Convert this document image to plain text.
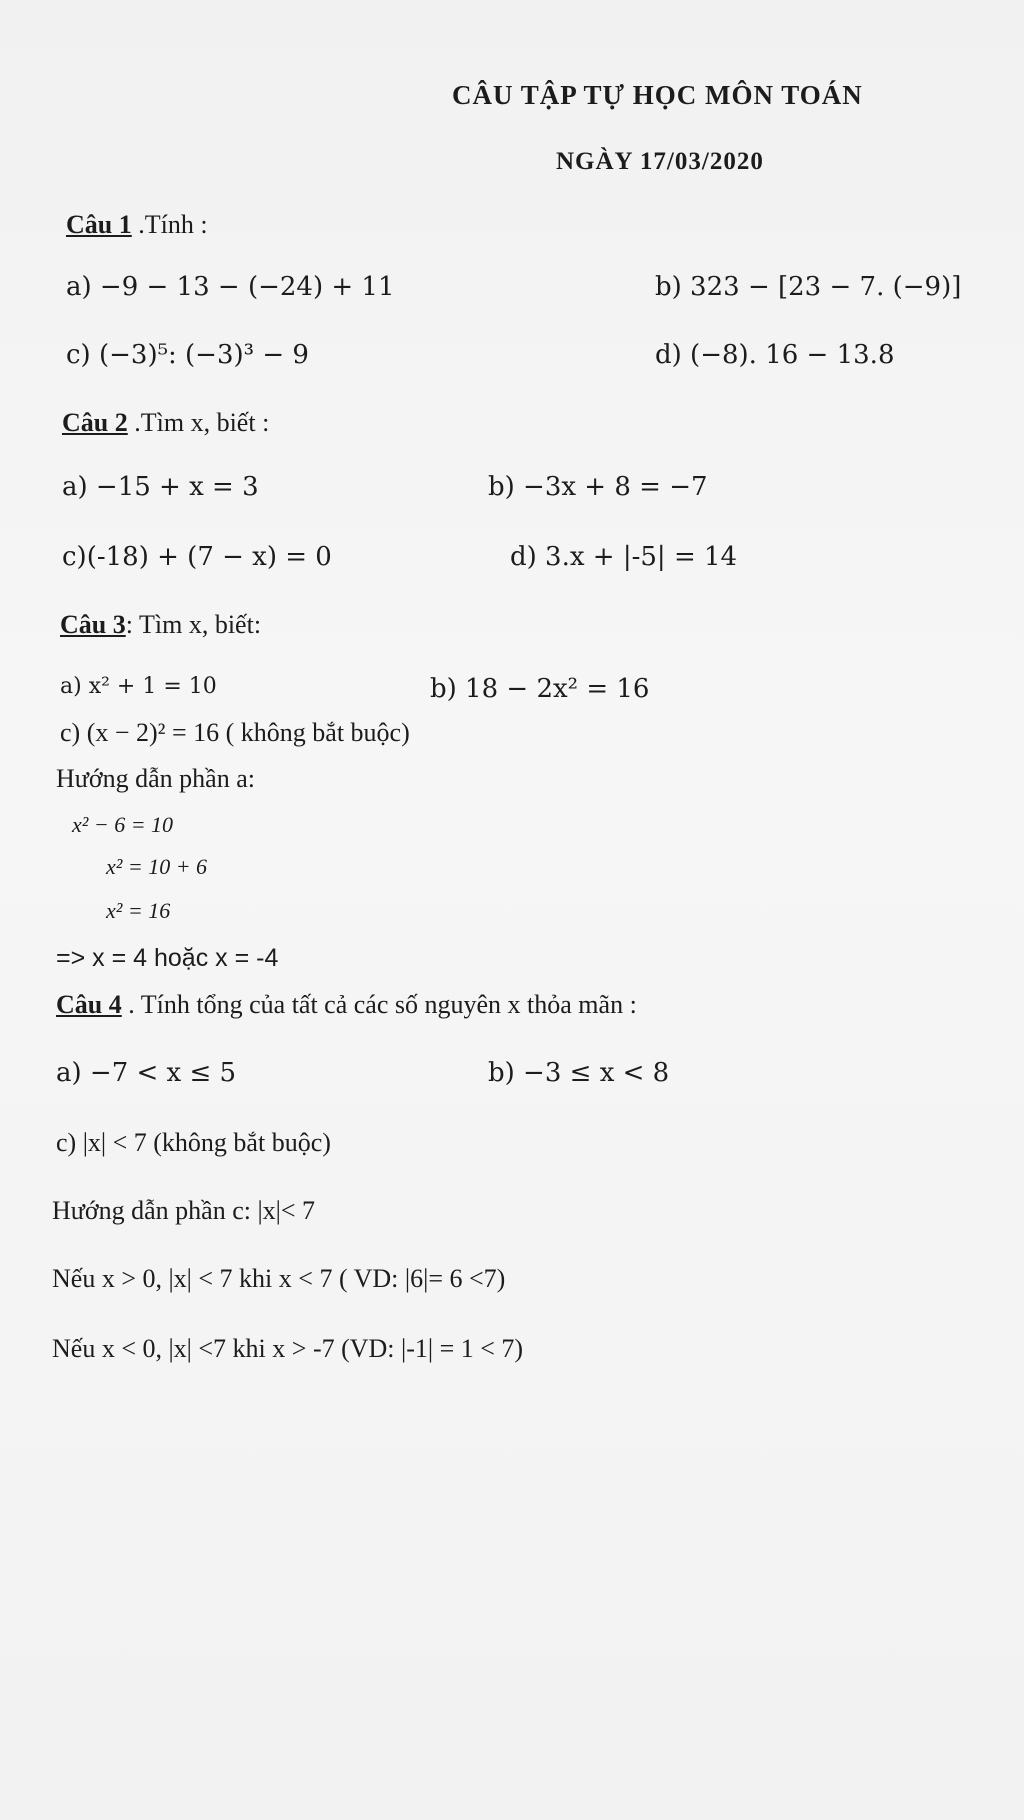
CÂU TẬP TỰ HỌC MÔN TOÁN
NGÀY 17/03/2020
Câu 1 .Tính :
a) −9 − 13 − (−24) + 11	b) 323 − [23 − 7. (−9)]
c) (−3)⁵: (−3)³ − 9	d) (−8). 16 − 13.8
Câu 2 .Tìm x, biết :
a) −15 + x = 3	b) −3x + 8 = −7
c)(-18) + (7 − x) = 0	d) 3.x + |-5| = 14
Câu 3: Tìm x, biết:
a) x² + 1 = 10	b) 18 − 2x² = 16
c) (x − 2)² = 16 ( không bắt buộc)
Hướng dẫn phần a:
x² − 6 = 10
x² = 10 + 6
x² = 16
=> x = 4 hoặc x = -4
Câu 4 . Tính tổng của tất cả các số nguyên x thỏa mãn :
a) −7 < x ≤ 5	b) −3 ≤ x < 8
c) |x| < 7 (không bắt buộc)
Hướng dẫn phần c: |x|< 7
Nếu x > 0, |x| < 7 khi x < 7 ( VD: |6|= 6 <7)
Nếu x < 0, |x| <7 khi x > -7 (VD: |-1| = 1 < 7)
